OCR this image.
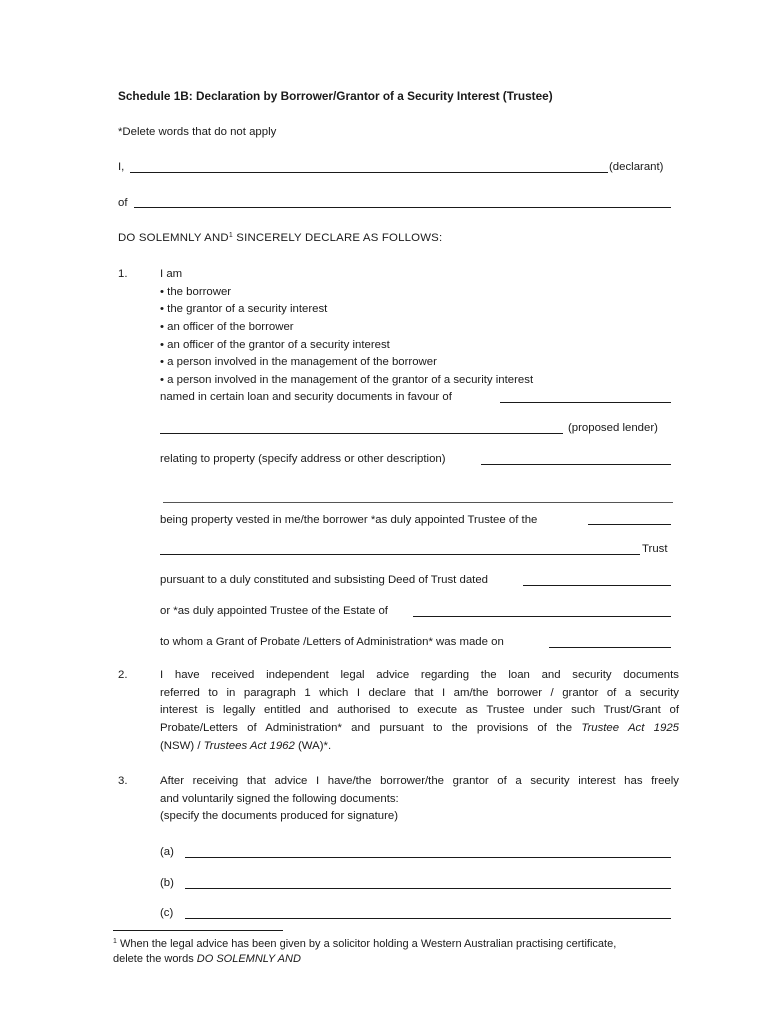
Schedule 1B: Declaration by Borrower/Grantor of a Security Interest (Trustee)
*Delete words that do not apply
I,	(declarant)
of
DO SOLEMNLY AND$^1$ SINCERELY DECLARE AS FOLLOWS:
1.	I am
• the borrower
• the grantor of a security interest
• an officer of the borrower
• an officer of the grantor of a security interest
• a person involved in the management of the borrower
• a person involved in the management of the grantor of a security interest
named in certain loan and security documents in favour of
(proposed lender)
relating to property (specify address or other description)
being property vested in me/the borrower *as duly appointed Trustee of the
Trust
pursuant to a duly constituted and subsisting Deed of Trust dated
or *as duly appointed Trustee of the Estate of
to whom a Grant of Probate /Letters of Administration* was made on
2.	I have received independent legal advice regarding the loan and security documents
referred to in paragraph 1 which I declare that I am/the borrower / grantor of a security
interest is legally entitled and authorised to execute as Trustee under such Trust/Grant of
Probate/Letters of Administration* and pursuant to the provisions of the Trustee Act 1925
(NSW) / Trustees Act 1962 (WA)*.
3.	After receiving that advice I have/the borrower/the grantor of a security interest has freely
and voluntarily signed the following documents:
(specify the documents produced for signature)
(a)
(b)
(c)
$^1$ When the legal advice has been given by a solicitor holding a Western Australian practising certificate,
delete the words DO SOLEMNLY AND
